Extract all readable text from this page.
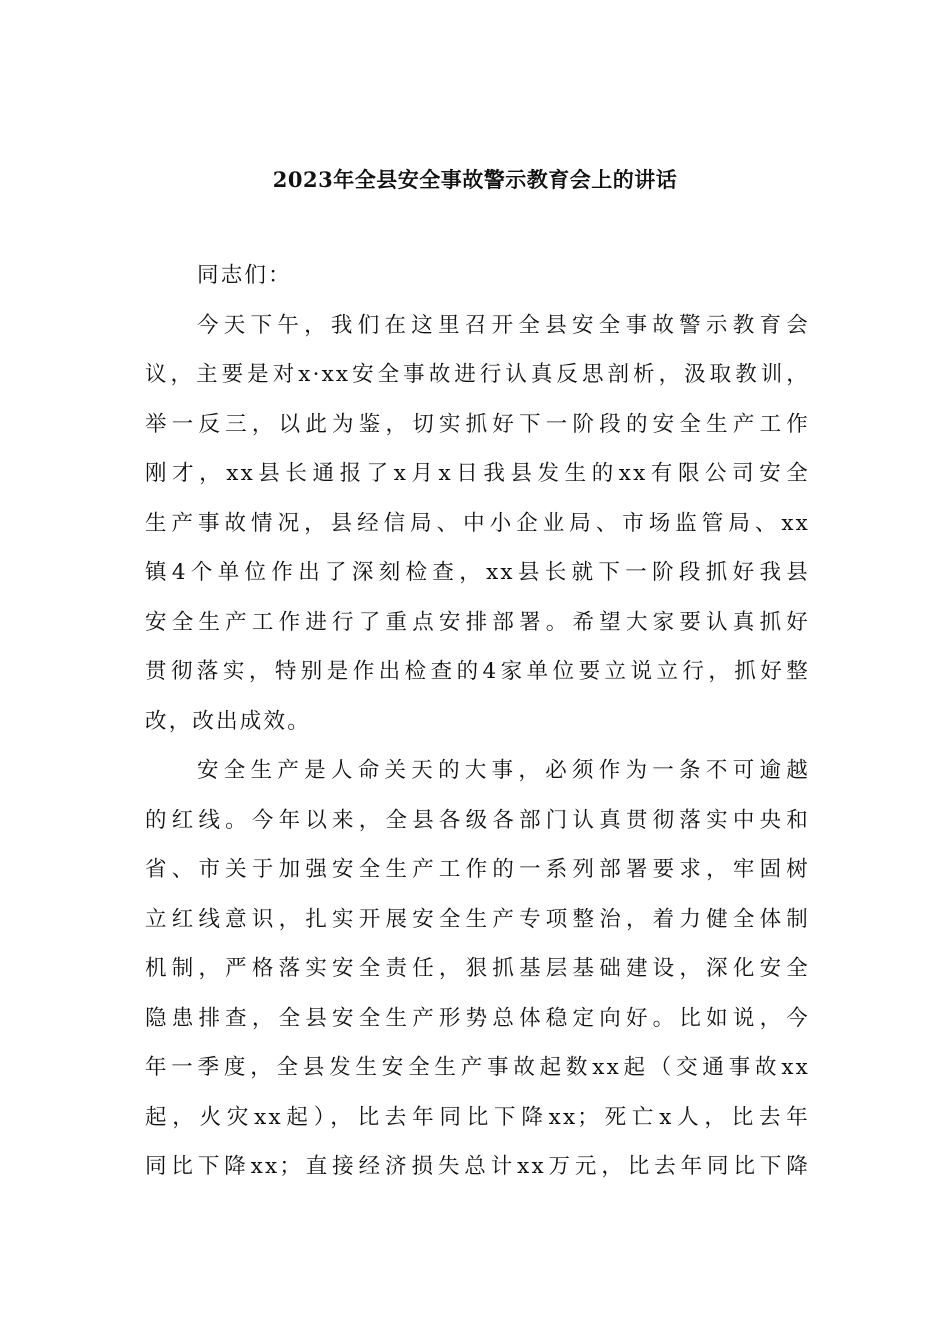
2023年全县安全事故警示教育会上的讲话
同志们：
今天下午，我们在这里召开全县安全事故警示教育会
议，主要是对x·xx安全事故进行认真反思剖析，汲取教训，
举一反三，以此为鉴，切实抓好下一阶段的安全生产工作
刚才，xx县长通报了x月x日我县发生的xx有限公司安全
生产事故情况，县经信局、中小企业局、市场监管局、xx
镇4个单位作出了深刻检查，xx县长就下一阶段抓好我县
安全生产工作进行了重点安排部署。希望大家要认真抓好
贯彻落实，特别是作出检查的4家单位要立说立行，抓好整
改，改出成效。
安全生产是人命关天的大事，必须作为一条不可逾越
的红线。今年以来，全县各级各部门认真贯彻落实中央和
省、市关于加强安全生产工作的一系列部署要求，牢固树
立红线意识，扎实开展安全生产专项整治，着力健全体制
机制，严格落实安全责任，狠抓基层基础建设，深化安全
隐患排查，全县安全生产形势总体稳定向好。比如说，今
年一季度，全县发生安全生产事故起数xx起（交通事故xx
起，火灾xx起），比去年同比下降xx；死亡x人，比去年
同比下降xx；直接经济损失总计xx万元，比去年同比下降
